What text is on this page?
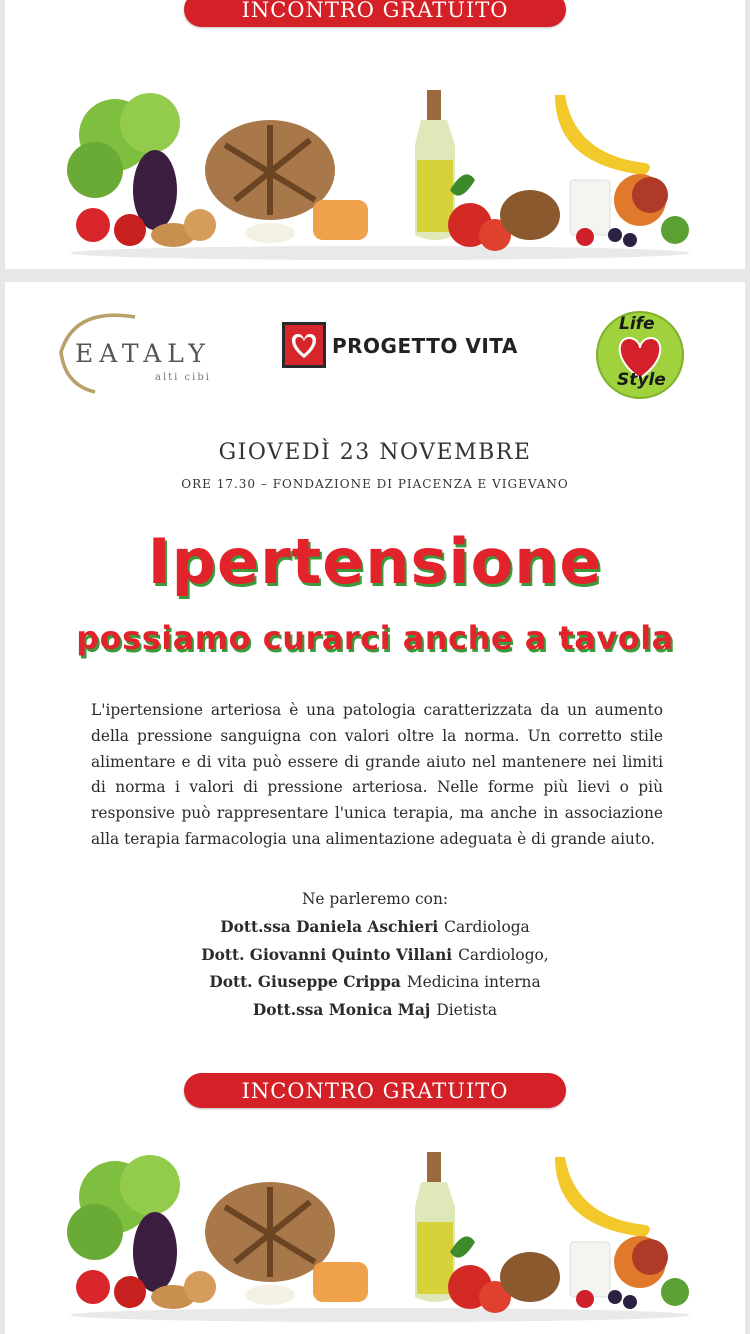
INCONTRO GRATUITO
EATALY
alti cibi
PROGETTO VITA
Life
Style
GIOVEDÌ 23 NOVEMBRE
ORE 17.30 – FONDAZIONE DI PIACENZA E VIGEVANO
Ipertensione
possiamo curarci anche a tavola
L'ipertensione arteriosa è una patologia caratterizzata da un aumento della pressione sanguigna con valori oltre la norma. Un corretto stile alimentare e di vita può essere di grande aiuto nel mantenere nei limiti di norma i valori di pressione arteriosa. Nelle forme più lievi o più responsive può rappresentare l'unica terapia, ma anche in associazione alla terapia farmacologia una alimentazione adeguata è di grande aiuto.
Ne parleremo con:
Dott.ssa Daniela Aschieri Cardiologa
Dott. Giovanni Quinto Villani Cardiologo,
Dott. Giuseppe Crippa Medicina interna
Dott.ssa Monica Maj Dietista
INCONTRO GRATUITO
